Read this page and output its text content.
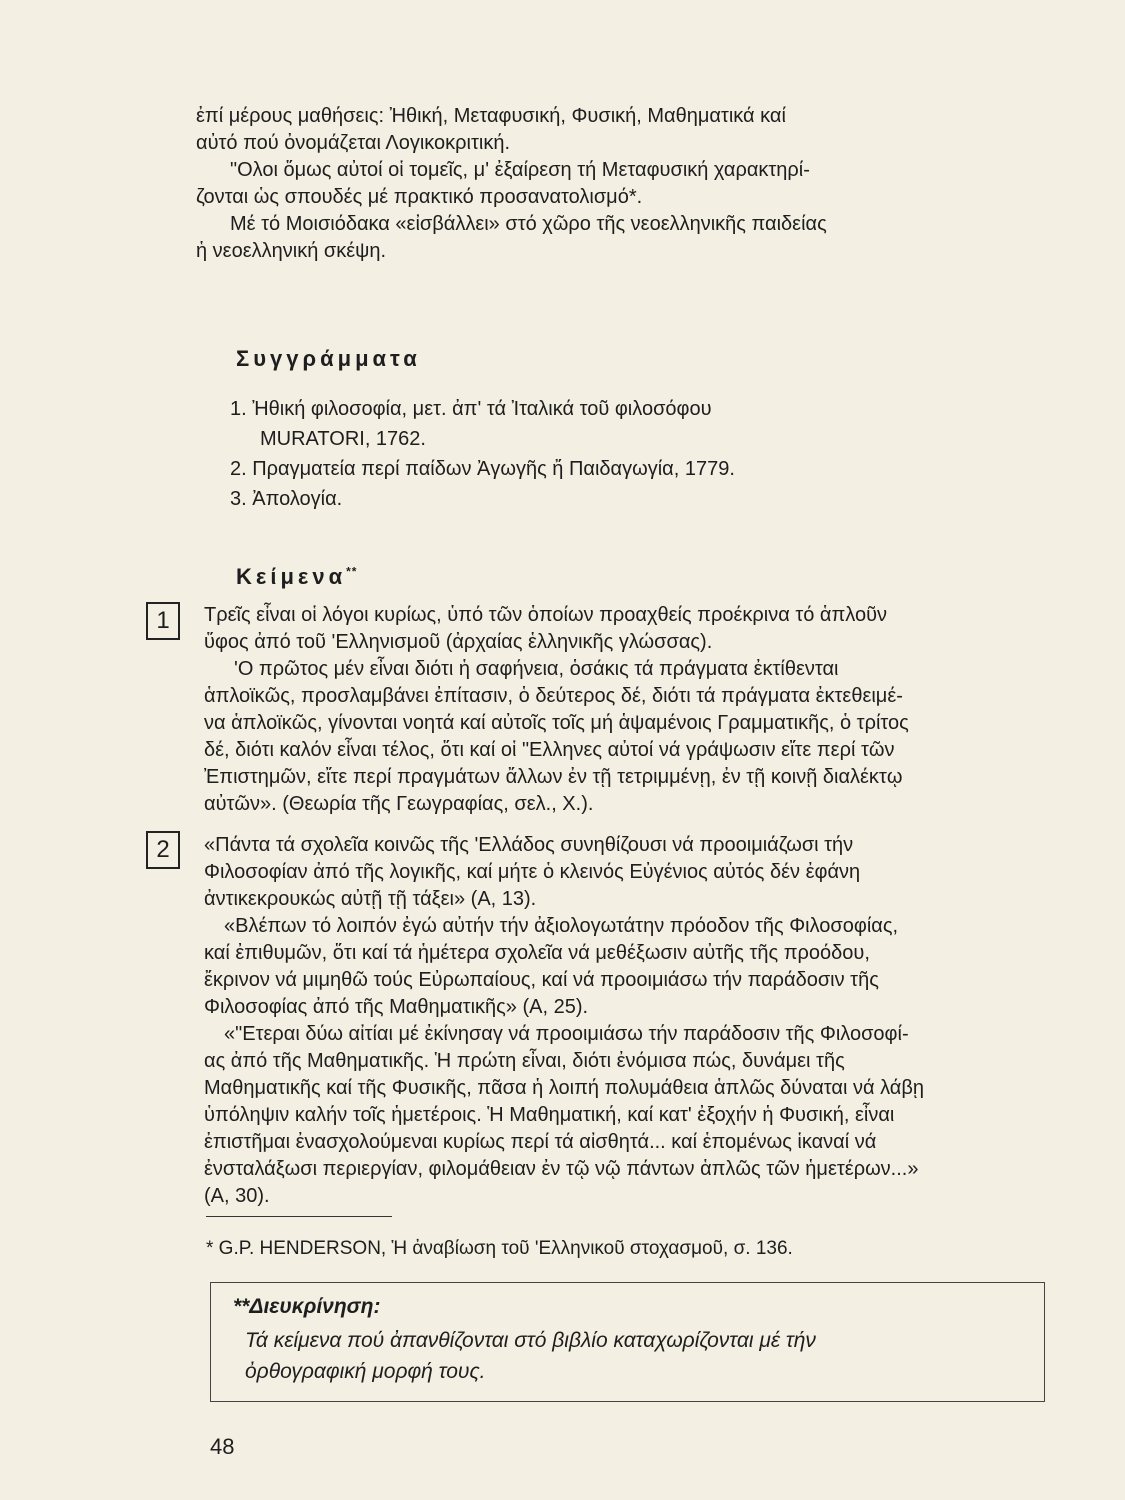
ἐπί μέρους μαθήσεις: Ἠθική, Μεταφυσική, Φυσική, Μαθηματικά καί
αὐτό πού ὀνομάζεται Λογικοκριτική.
"Ολοι ὅμως αὐτοί οἱ τομεῖς, μ' ἐξαίρεση τή Μεταφυσική χαρακτηρί-
ζονται ὡς σπουδές μέ πρακτικό προσανατολισμό*.
Μέ τό Μοισιόδακα «εἰσβάλλει» στό χῶρο τῆς νεοελληνικῆς παιδείας
ἡ νεοελληνική σκέψη.
Συγγράμματα
1. Ἠθική φιλοσοφία, μετ. ἀπ' τά Ἰταλικά τοῦ φιλοσόφου
MURATORI, 1762.
2. Πραγματεία περί παίδων Ἀγωγῆς ἤ Παιδαγωγία, 1779.
3. Ἀπολογία.
Κείμενα**
1	Τρεῖς εἶναι οἱ λόγοι κυρίως, ὑπό τῶν ὁποίων προαχθείς προέκρινα τό ἁπλοῦν
ὕφος ἀπό τοῦ 'Ελληνισμοῦ (ἀρχαίας ἑλληνικῆς γλώσσας).
'Ο πρῶτος μέν εἶναι διότι ἡ σαφήνεια, ὁσάκις τά πράγματα ἐκτίθενται
ἁπλοϊκῶς, προσλαμβάνει ἐπίτασιν, ὁ δεύτερος δέ, διότι τά πράγματα ἐκτεθειμέ-
να ἁπλοϊκῶς, γίνονται νοητά καί αὐτοῖς τοῖς μή ἁψαμένοις Γραμματικῆς, ὁ τρίτος
δέ, διότι καλόν εἶναι τέλος, ὅτι καί οἱ "Ελληνες αὐτοί νά γράψωσιν εἴτε περί τῶν
Ἐπιστημῶν, εἴτε περί πραγμάτων ἄλλων ἐν τῇ τετριμμένῃ, ἐν τῇ κοινῇ διαλέκτῳ
αὐτῶν». (Θεωρία τῆς Γεωγραφίας, σελ., Χ.).
2	«Πάντα τά σχολεῖα κοινῶς τῆς 'Ελλάδος συνηθίζουσι νά προοιμιάζωσι τήν
Φιλοσοφίαν ἀπό τῆς λογικῆς, καί μήτε ὁ κλεινός Εὐγένιος αὐτός δέν ἐφάνη
ἀντικεκρουκώς αὐτῇ τῇ τάξει» (Α, 13).
«Βλέπων τό λοιπόν ἐγώ αὐτήν τήν ἀξιολογωτάτην πρόοδον τῆς Φιλοσοφίας,
καί ἐπιθυμῶν, ὅτι καί τά ἡμέτερα σχολεῖα νά μεθέξωσιν αὐτῆς τῆς προόδου,
ἔκρινον νά μιμηθῶ τούς Εὐρωπαίους, καί νά προοιμιάσω τήν παράδοσιν τῆς
Φιλοσοφίας ἀπό τῆς Μαθηματικῆς» (Α, 25).
«"Ετεραι δύω αἰτίαι μέ ἐκίνησαγ νά προοιμιάσω τήν παράδοσιν τῆς Φιλοσοφί-
ας ἀπό τῆς Μαθηματικῆς. Ἡ πρώτη εἶναι, διότι ἐνόμισα πώς, δυνάμει τῆς
Μαθηματικῆς καί τῆς Φυσικῆς, πᾶσα ἡ λοιπή πολυμάθεια ἁπλῶς δύναται νά λάβῃ
ὑπόληψιν καλήν τοῖς ἡμετέροις. Ἡ Μαθηματική, καί κατ' ἐξοχήν ἡ Φυσική, εἶναι
ἐπιστῆμαι ἐνασχολούμεναι κυρίως περί τά αἰσθητά... καί ἑπομένως ἱκαναί νά
ἐνσταλάξωσι περιεργίαν, φιλομάθειαν ἐν τῷ νῷ πάντων ἁπλῶς τῶν ἡμετέρων...»
(Α, 30).

* G.P. HENDERSON, Ἡ ἀναβίωση τοῦ 'Ελληνικοῦ στοχασμοῦ, σ. 136.

**Διευκρίνηση:

Τά κείμενα πού ἀπανθίζονται στό βιβλίο καταχωρίζονται μέ τήν
ὀρθογραφική μορφή τους.

48
